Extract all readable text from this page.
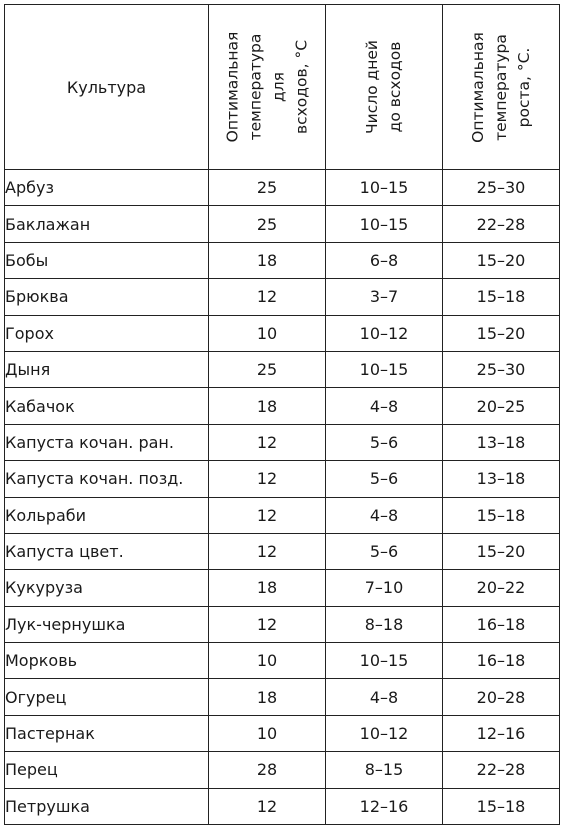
Культура	Оптимальная температура для всходов, °С	Число дней до всходов	Оптимальная температура роста, °С.

Арбуз	25	10–15	25–30
Баклажан	25	10–15	22–28
Бобы	18	6–8	15–20
Брюква	12	3–7	15–18
Горох	10	10–12	15–20
Дыня	25	10–15	25–30
Кабачок	18	4–8	20–25
Капуста кочан. ран.	12	5–6	13–18
Капуста кочан. позд.	12	5–6	13–18
Кольраби	12	4–8	15–18
Капуста цвет.	12	5–6	15–20
Кукуруза	18	7–10	20–22
Лук-чернушка	12	8–18	16–18
Морковь	10	10–15	16–18
Огурец	18	4–8	20–28
Пастернак	10	10–12	12–16
Перец	28	8–15	22–28
Петрушка	12	12–16	15–18
